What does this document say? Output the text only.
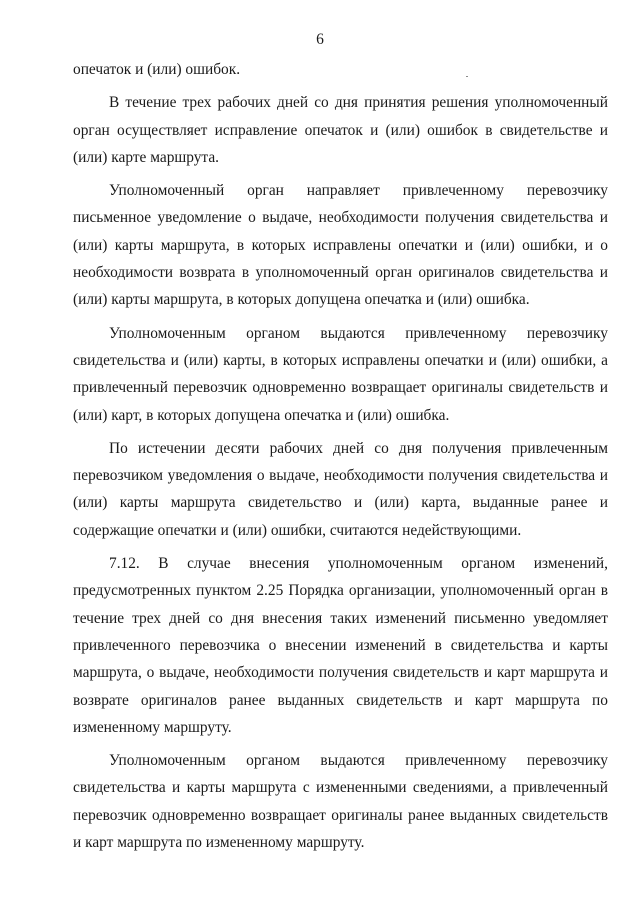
6

опечаток и (или) ошибок.

В течение трех рабочих дней со дня принятия решения уполномоченный орган осуществляет исправление опечаток и (или) ошибок в свидетельстве и (или) карте маршрута.

Уполномоченный орган направляет привлеченному перевозчику письменное уведомление о выдаче, необходимости получения свидетельства и (или) карты маршрута, в которых исправлены опечатки и (или) ошибки, и о необходимости возврата в уполномоченный орган оригиналов свидетельства и (или) карты маршрута, в которых допущена опечатка и (или) ошибка.

Уполномоченным органом выдаются привлеченному перевозчику свидетельства и (или) карты, в которых исправлены опечатки и (или) ошибки, а привлеченный перевозчик одновременно возвращает оригиналы свидетельств и (или) карт, в которых допущена опечатка и (или) ошибка.

По истечении десяти рабочих дней со дня получения привлеченным перевозчиком уведомления о выдаче, необходимости получения свидетельства и (или) карты маршрута свидетельство и (или) карта, выданные ранее и содержащие опечатки и (или) ошибки, считаются недействующими.

7.12. В случае внесения уполномоченным органом изменений, предусмотренных пунктом 2.25 Порядка организации, уполномоченный орган в течение трех дней со дня внесения таких изменений письменно уведомляет привлеченного перевозчика о внесении изменений в свидетельства и карты маршрута, о выдаче, необходимости получения свидетельств и карт маршрута и возврате оригиналов ранее выданных свидетельств и карт маршрута по измененному маршруту.

Уполномоченным органом выдаются привлеченному перевозчику свидетельства и карты маршрута с измененными сведениями, а привлеченный перевозчик одновременно возвращает оригиналы ранее выданных свидетельств и карт маршрута по измененному маршруту.
